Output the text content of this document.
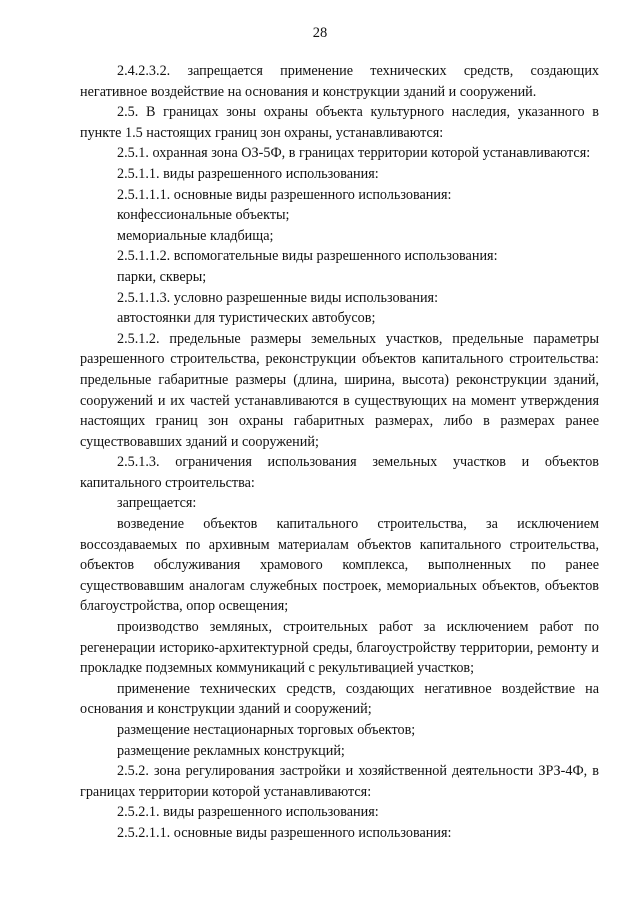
28

2.4.2.3.2. запрещается применение технических средств, создающих негативное воздействие на основания и конструкции зданий и сооружений.

2.5. В границах зоны охраны объекта культурного наследия, указанного в пункте 1.5 настоящих границ зон охраны, устанавливаются:

2.5.1. охранная зона ОЗ-5Ф, в границах территории которой устанавливаются:

2.5.1.1. виды разрешенного использования:

2.5.1.1.1. основные виды разрешенного использования:

конфессиональные объекты;

мемориальные кладбища;

2.5.1.1.2. вспомогательные виды разрешенного использования:

парки, скверы;

2.5.1.1.3. условно разрешенные виды использования:

автостоянки для туристических автобусов;

2.5.1.2. предельные размеры земельных участков, предельные параметры разрешенного строительства, реконструкции объектов капитального строительства: предельные габаритные размеры (длина, ширина, высота) реконструкции зданий, сооружений и их частей устанавливаются в существующих на момент утверждения настоящих границ зон охраны габаритных размерах, либо в размерах ранее существовавших зданий и сооружений;

2.5.1.3. ограничения использования земельных участков и объектов капитального строительства:

запрещается:

возведение объектов капитального строительства, за исключением воссоздаваемых по архивным материалам объектов капитального строительства, объектов обслуживания храмового комплекса, выполненных по ранее существовавшим аналогам служебных построек, мемориальных объектов, объектов благоустройства, опор освещения;

производство земляных, строительных работ за исключением работ по регенерации историко-архитектурной среды, благоустройству территории, ремонту и прокладке подземных коммуникаций с рекультивацией участков;

применение технических средств, создающих негативное воздействие на основания и конструкции зданий и сооружений;

размещение нестационарных торговых объектов;

размещение рекламных конструкций;

2.5.2. зона регулирования застройки и хозяйственной деятельности ЗРЗ-4Ф, в границах территории которой устанавливаются:

2.5.2.1. виды разрешенного использования:

2.5.2.1.1. основные виды разрешенного использования:
